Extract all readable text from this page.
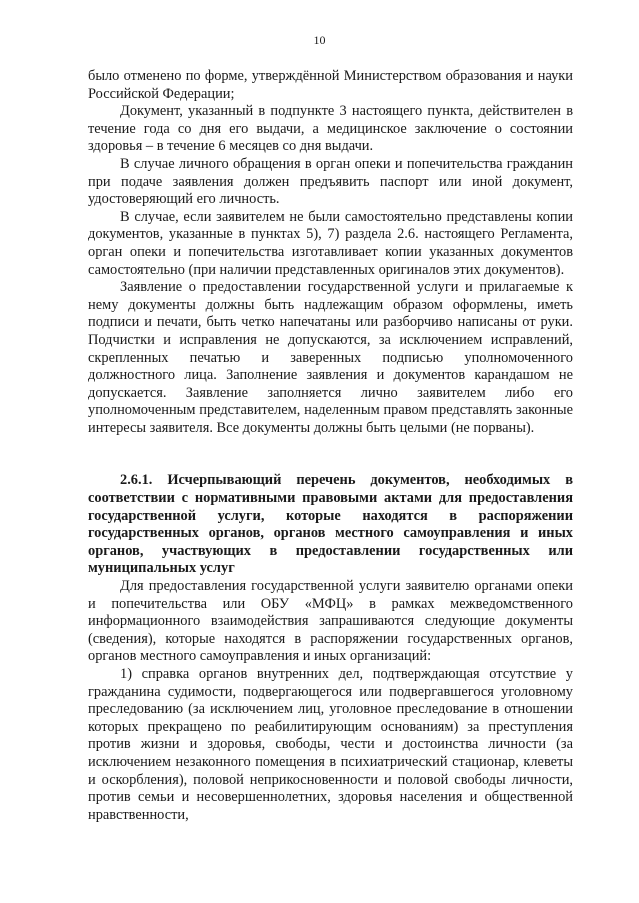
10

было отменено по форме, утверждённой Министерством образования и науки Российской Федерации;

Документ, указанный в подпункте 3 настоящего пункта, действителен в течение года со дня его выдачи, а медицинское заключение о состоянии здоровья – в течение 6 месяцев со дня выдачи.

В случае личного обращения в орган опеки и попечительства гражданин при подаче заявления должен предъявить паспорт или иной документ, удостоверяющий его личность.

В случае, если заявителем не были самостоятельно представлены копии документов, указанные в пунктах 5), 7) раздела 2.6. настоящего Регламента, орган опеки и попечительства изготавливает копии указанных документов самостоятельно (при наличии представленных оригиналов этих документов).

Заявление о предоставлении государственной услуги и прилагаемые к нему документы должны быть надлежащим образом оформлены, иметь подписи и печати, быть четко напечатаны или разборчиво написаны от руки. Подчистки и исправления не допускаются, за исключением исправлений, скрепленных печатью и заверенных подписью уполномоченного должностного лица. Заполнение заявления и документов карандашом не допускается. Заявление заполняется лично заявителем либо его уполномоченным представителем, наделенным правом представлять законные интересы заявителя. Все документы должны быть целыми (не порваны).

2.6.1. Исчерпывающий перечень документов, необходимых в соответствии с нормативными правовыми актами для предоставления государственной услуги, которые находятся в распоряжении государственных органов, органов местного самоуправления и иных органов, участвующих в предоставлении государственных или муниципальных услуг

Для предоставления государственной услуги заявителю органами опеки и попечительства или ОБУ «МФЦ» в рамках межведомственного информационного взаимодействия запрашиваются следующие документы (сведения), которые находятся в распоряжении государственных органов, органов местного самоуправления и иных организаций:

1) справка органов внутренних дел, подтверждающая отсутствие у гражданина судимости, подвергающегося или подвергавшегося уголовному преследованию (за исключением лиц, уголовное преследование в отношении которых прекращено по реабилитирующим основаниям) за преступления против жизни и здоровья, свободы, чести и достоинства личности (за исключением незаконного помещения в психиатрический стационар, клеветы и оскорбления), половой неприкосновенности и половой свободы личности, против семьи и несовершеннолетних, здоровья населения и общественной нравственности,
